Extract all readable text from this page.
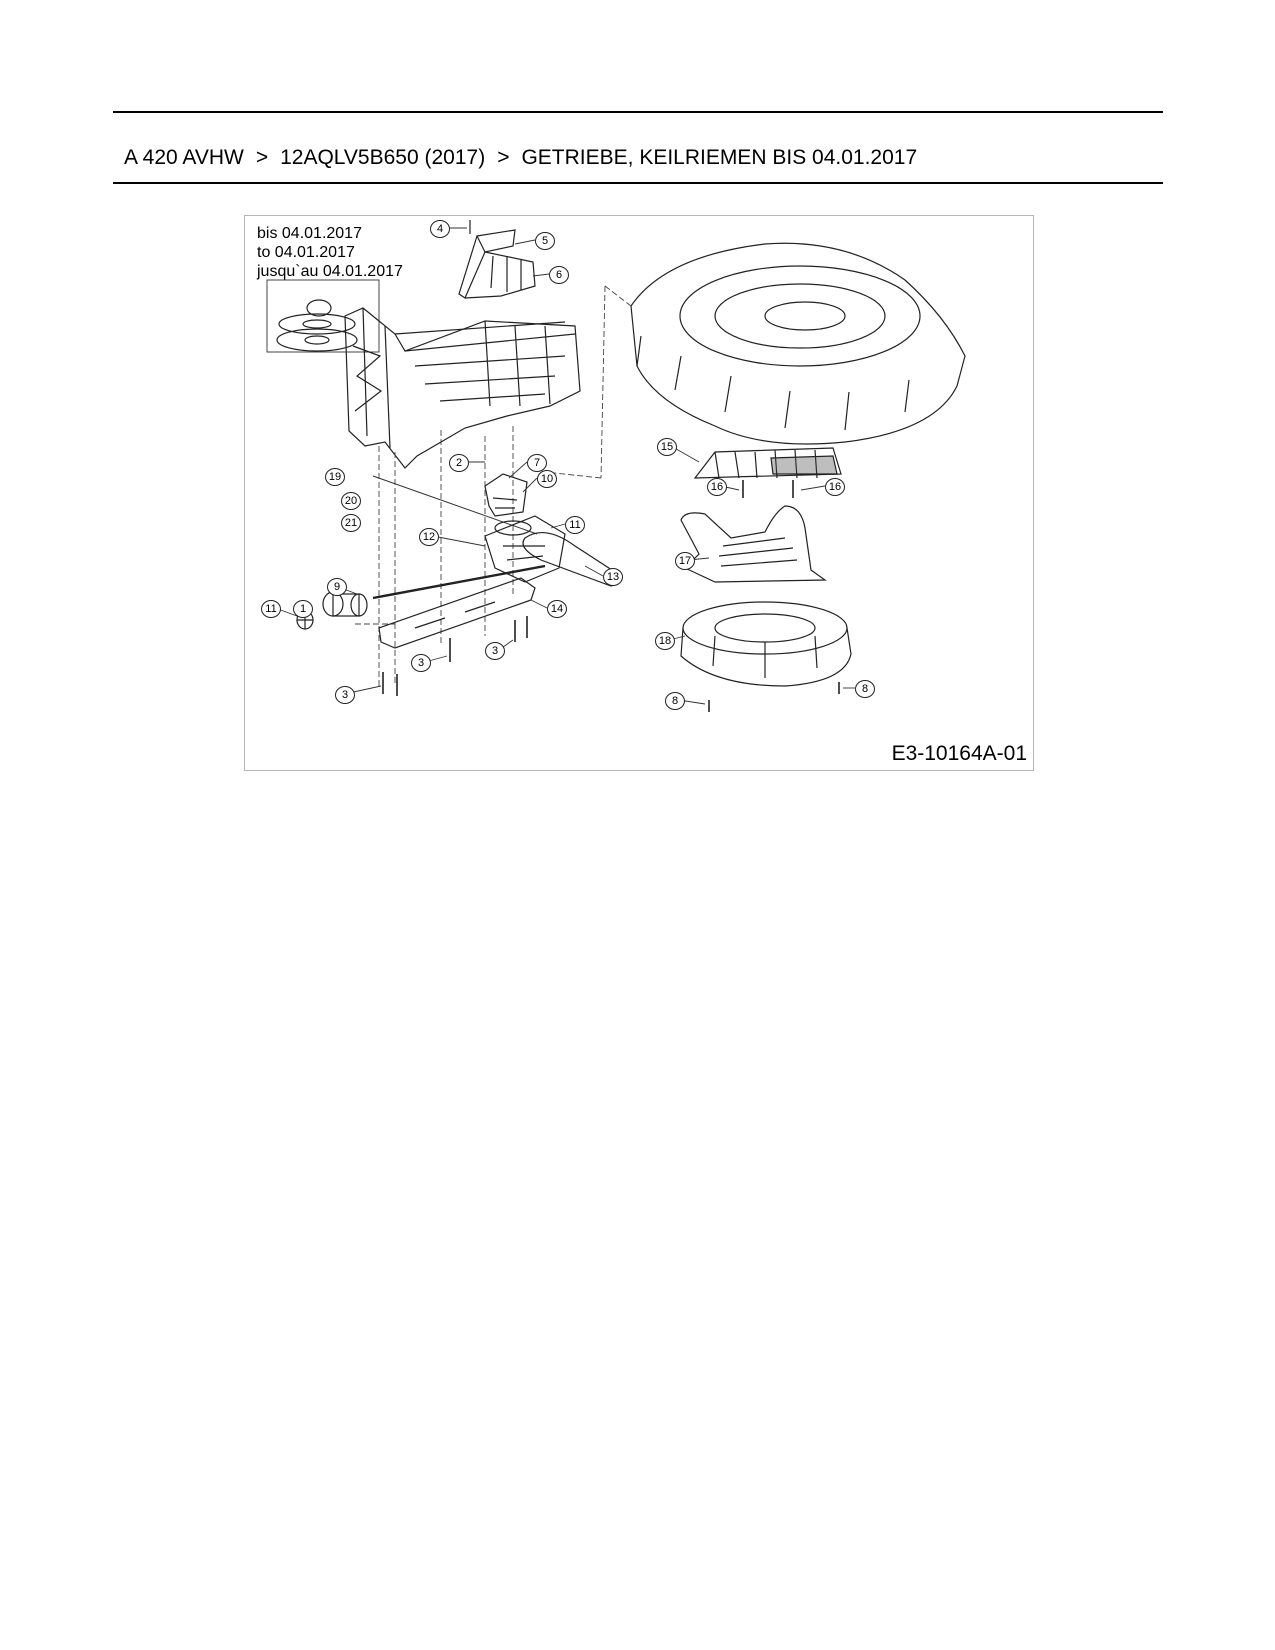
A 420 AVHW > 12AQLV5B650 (2017) > GETRIEBE, KEILRIEMEN BIS 04.01.2017
bis 04.01.2017
to 04.01.2017
jusqu`au 04.01.2017
4
5
6
2	7
10
19
20
21
12
11
9
1
13
11	14
3
3
3
15
16	16
17
18
8
8
E3-10164A-01
